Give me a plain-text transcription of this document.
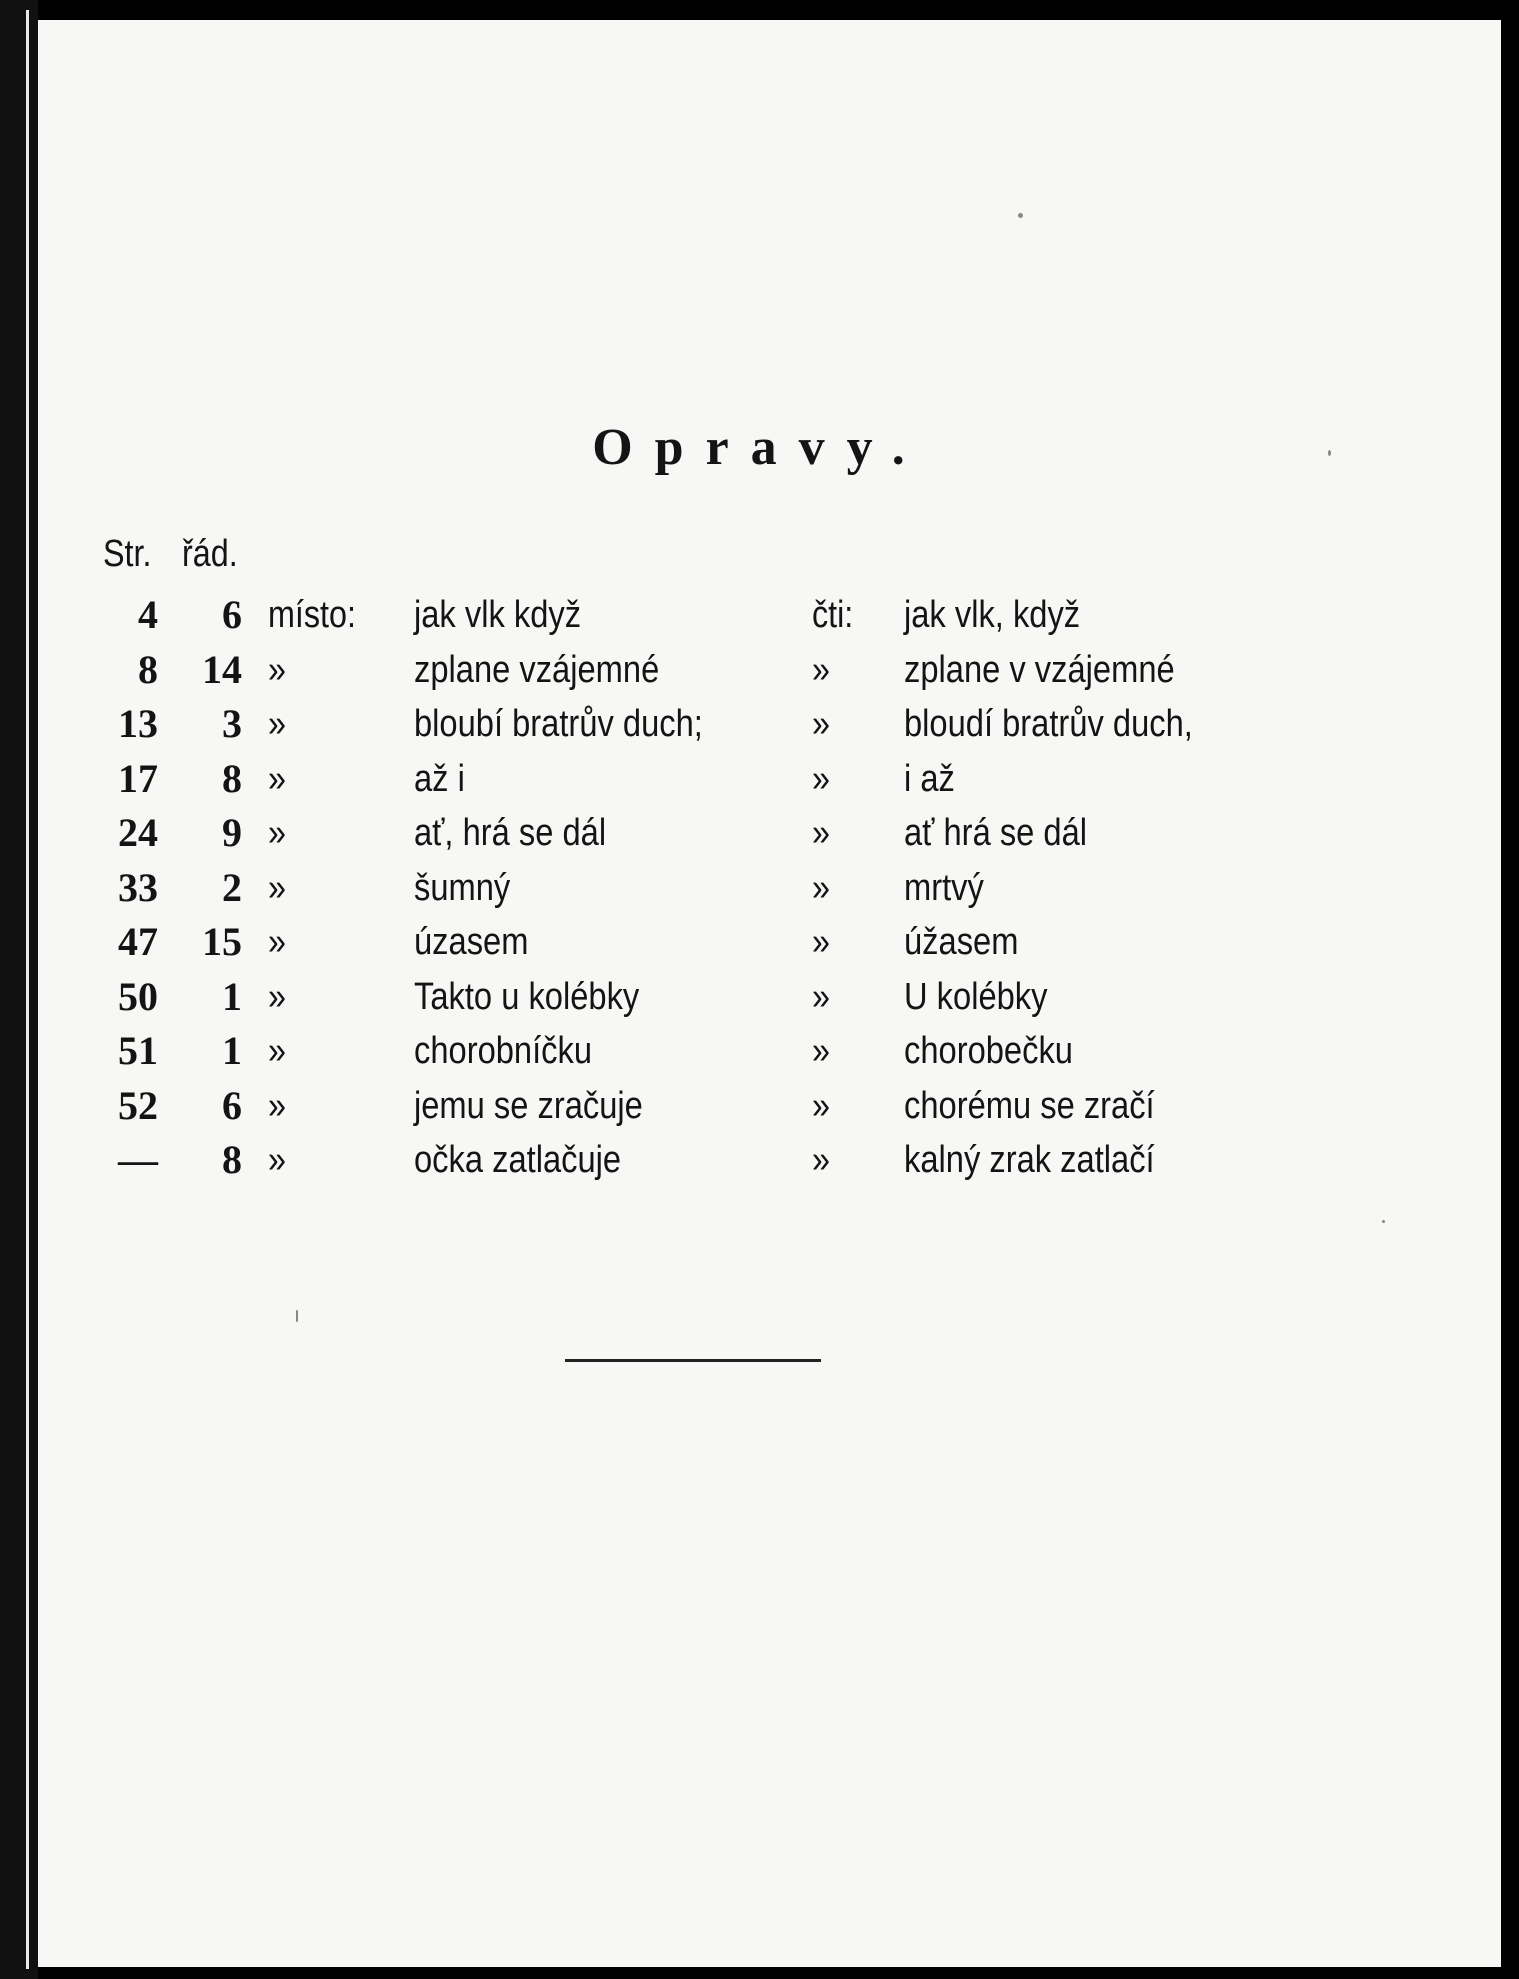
Opravy.
Str. řád.
4	6 místo: jak vlk když	čti:	jak vlk, když
8	14 »	zplane vzájemné	»	zplane v vzájemné
13	3 »	bloubí bratrův duch;	»	bloudí bratrův duch,
17	8 »	až i	»	i až
24	9 »	ať, hrá se dál	»	ať hrá se dál
33	2 »	šumný	»	mrtvý
47	15 »	úzasem	»	úžasem
50	1 »	Takto u kolébky	»	U kolébky
51	1 »	chorobníčku	»	chorobečku
52	6 »	jemu se zračuje	»	chorému se zračí
—	8 »	očka zatlačuje	»	kalný zrak zatlačí
